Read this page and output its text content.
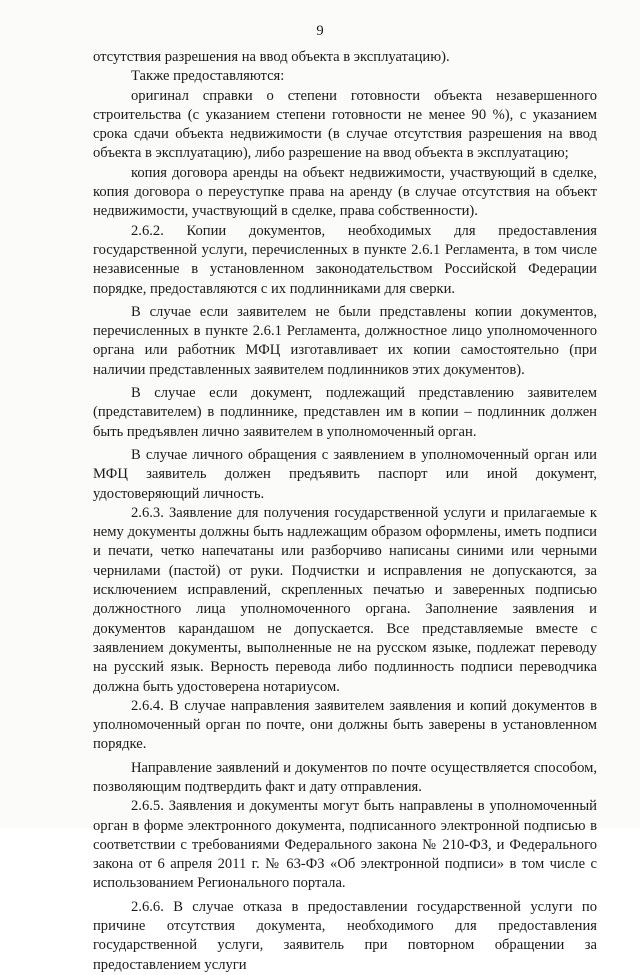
9

отсутствия разрешения на ввод объекта в эксплуатацию).

Также предоставляются:

оригинал справки о степени готовности объекта незавершенного строительства (с указанием степени готовности не менее 90 %), с указанием срока сдачи объекта недвижимости (в случае отсутствия разрешения на ввод объекта в эксплуатацию), либо разрешение на ввод объекта в эксплуатацию;

копия договора аренды на объект недвижимости, участвующий в сделке, копия договора о переуступке права на аренду (в случае отсутствия на объект недвижимости, участвующий в сделке, права собственности).

2.6.2. Копии документов, необходимых для предоставления государственной услуги, перечисленных в пункте 2.6.1 Регламента, в том числе независенные в установленном законодательством Российской Федерации порядке, предоставляются с их подлинниками для сверки.

В случае если заявителем не были представлены копии документов, перечисленных в пункте 2.6.1 Регламента, должностное лицо уполномоченного органа или работник МФЦ изготавливает их копии самостоятельно (при наличии представленных заявителем подлинников этих документов).

В случае если документ, подлежащий представлению заявителем (представителем) в подлиннике, представлен им в копии – подлинник должен быть предъявлен лично заявителем в уполномоченный орган.

В случае личного обращения с заявлением в уполномоченный орган или МФЦ заявитель должен предъявить паспорт или иной документ, удостоверяющий личность.

2.6.3. Заявление для получения государственной услуги и прилагаемые к нему документы должны быть надлежащим образом оформлены, иметь подписи и печати, четко напечатаны или разборчиво написаны синими или черными чернилами (пастой) от руки. Подчистки и исправления не допускаются, за исключением исправлений, скрепленных печатью и заверенных подписью должностного лица уполномоченного органа. Заполнение заявления и документов карандашом не допускается. Все представляемые вместе с заявлением документы, выполненные не на русском языке, подлежат переводу на русский язык. Верность перевода либо подлинность подписи переводчика должна быть удостоверена нотариусом.

2.6.4. В случае направления заявителем заявления и копий документов в уполномоченный орган по почте, они должны быть заверены в установленном порядке.

Направление заявлений и документов по почте осуществляется способом, позволяющим подтвердить факт и дату отправления.

2.6.5. Заявления и документы могут быть направлены в уполномоченный орган в форме электронного документа, подписанного электронной подписью в соответствии с требованиями Федерального закона № 210-ФЗ, и Федерального закона от 6 апреля 2011 г. № 63-ФЗ «Об электронной подписи» в том числе с использованием Регионального портала.

2.6.6. В случае отказа в предоставлении государственной услуги по причине отсутствия документа, необходимого для предоставления государственной услуги, заявитель при повторном обращении за предоставлением услуги
